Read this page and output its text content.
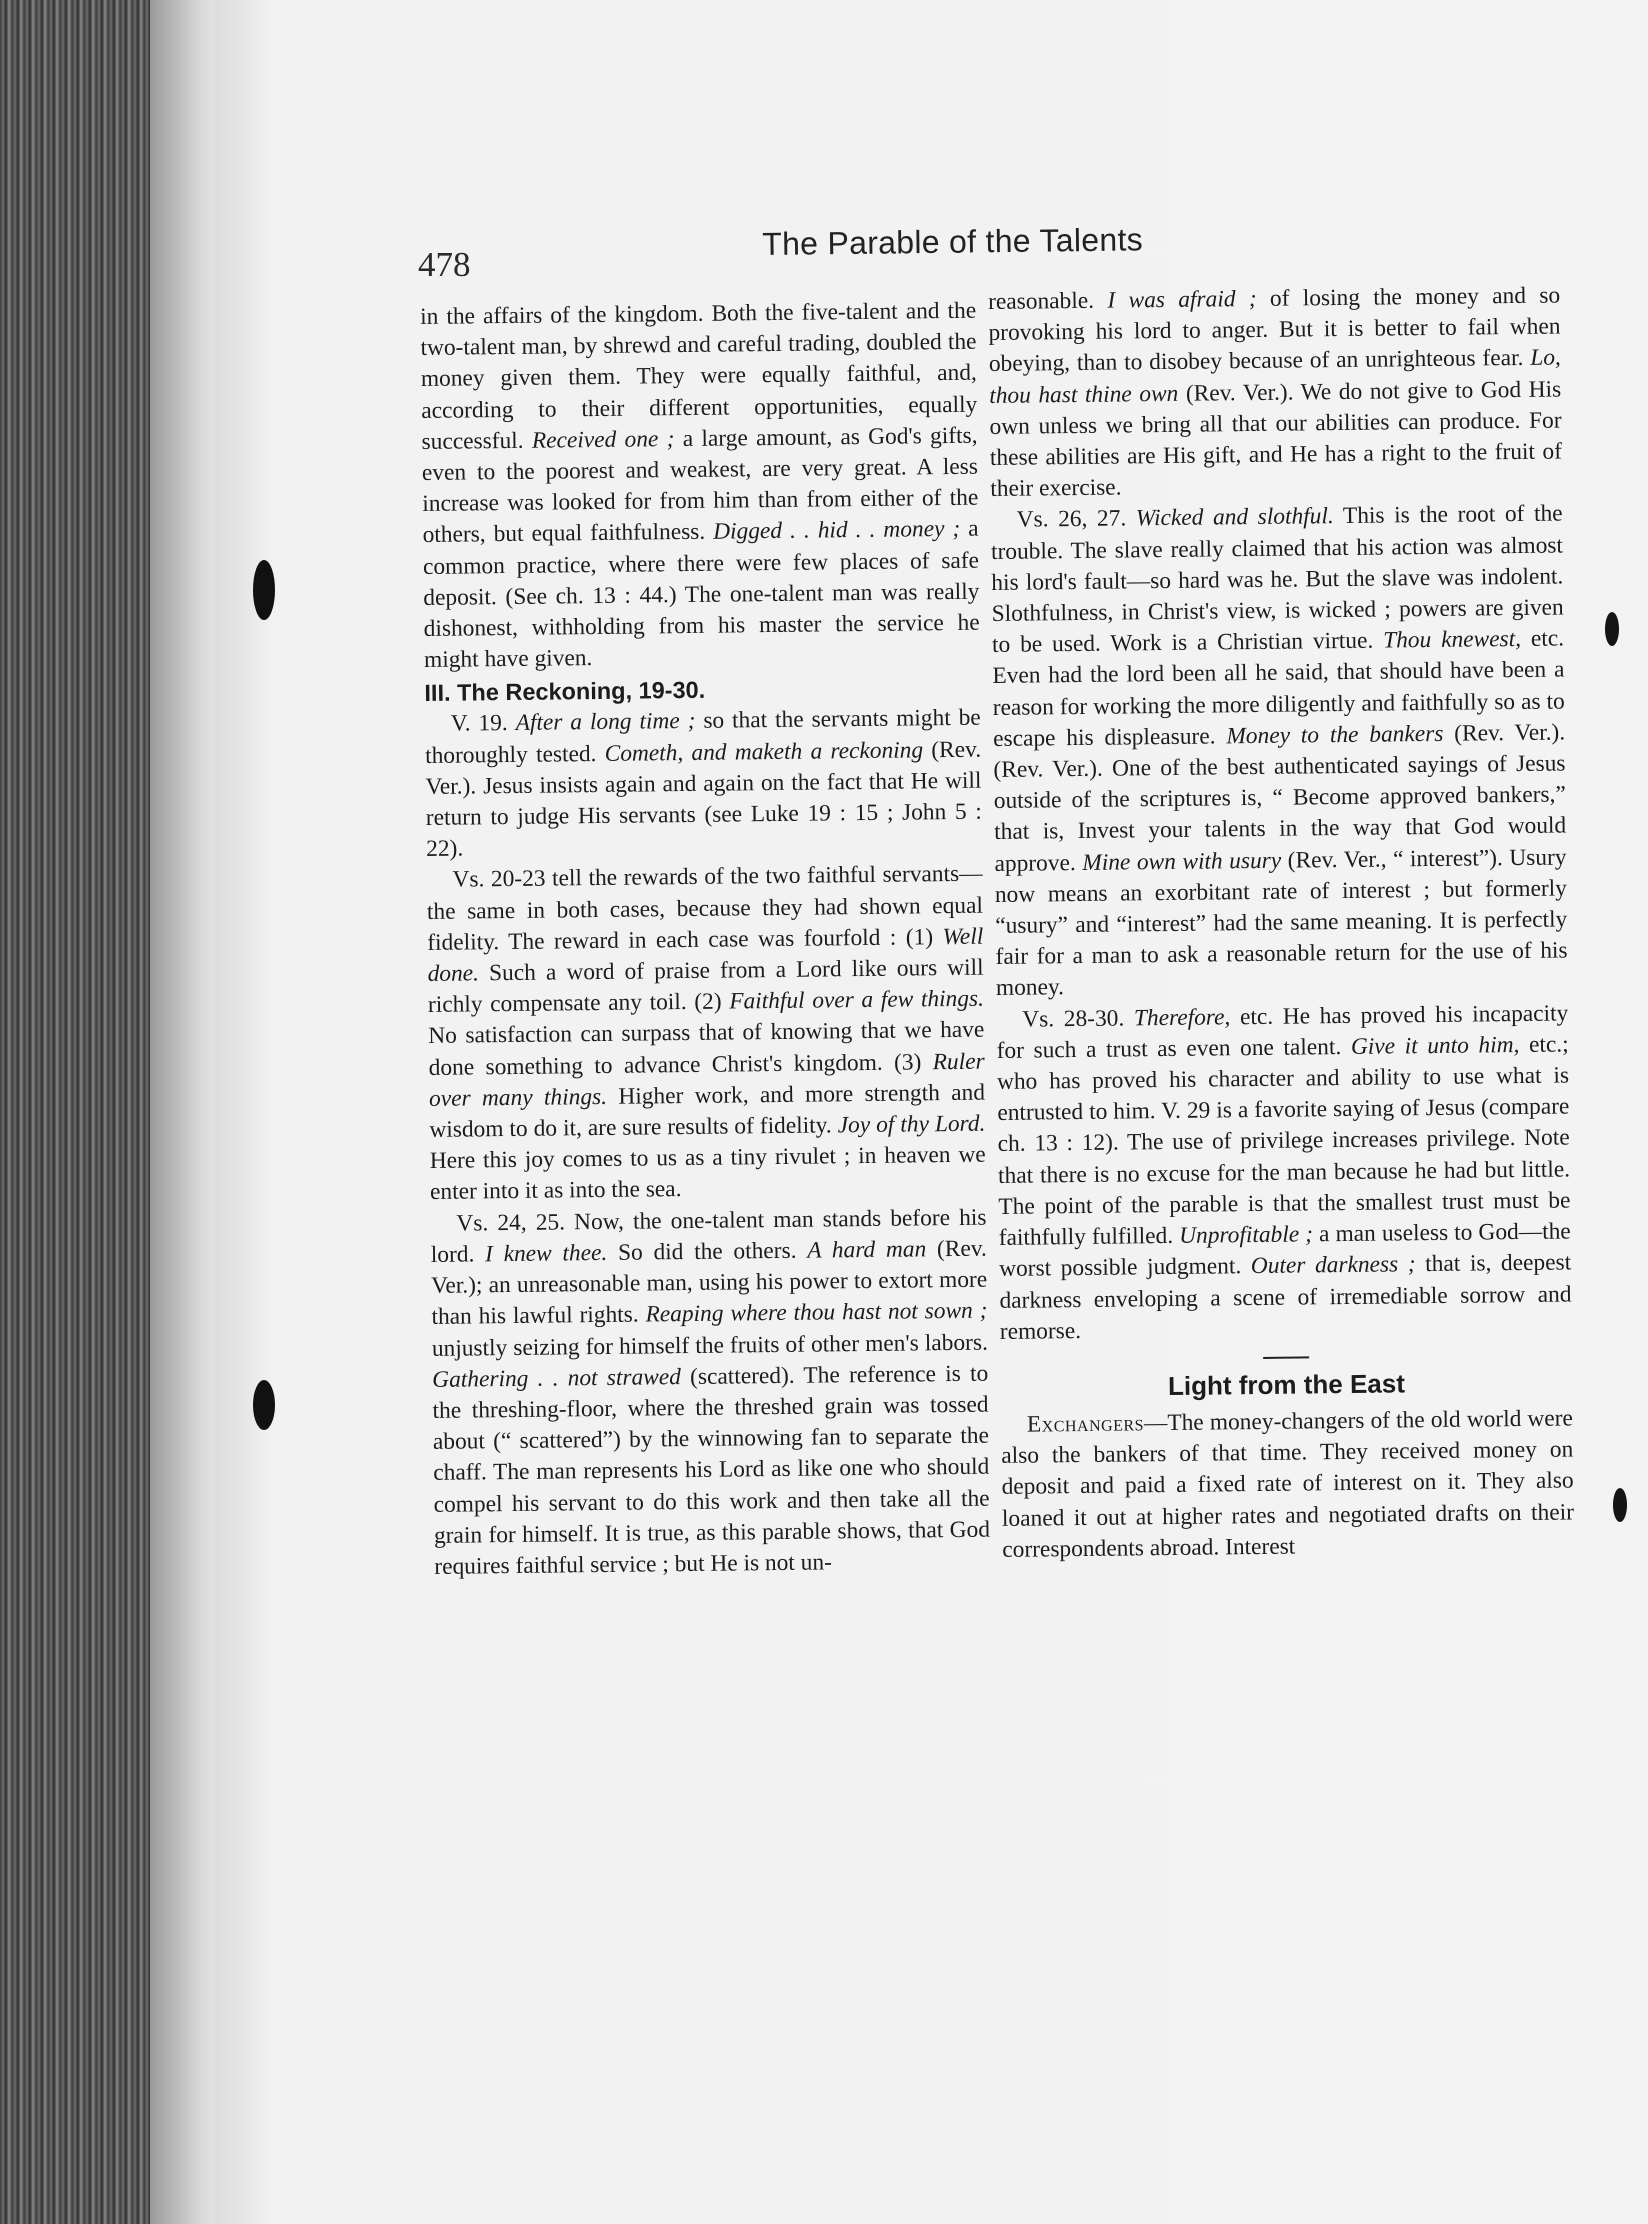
478
The Parable of the Talents

in the affairs of the kingdom. Both the five-talent and the two-talent man, by shrewd and careful trading, doubled the money given them. They were equally faithful, and, according to their different opportunities, equally successful. Received one ; a large amount, as God's gifts, even to the poorest and weakest, are very great. A less increase was looked for from him than from either of the others, but equal faithfulness. Digged . . hid . . money ; a common practice, where there were few places of safe deposit. (See ch. 13 : 44.) The one-talent man was really dishonest, withholding from his master the service he might have given.

III. The Reckoning, 19-30.

V. 19. After a long time ; so that the servants might be thoroughly tested. Cometh, and maketh a reckoning (Rev. Ver.). Jesus insists again and again on the fact that He will return to judge His servants (see Luke 19 : 15 ; John 5 : 22).

Vs. 20-23 tell the rewards of the two faithful servants—the same in both cases, because they had shown equal fidelity. The reward in each case was fourfold : (1) Well done. Such a word of praise from a Lord like ours will richly compensate any toil. (2) Faithful over a few things. No satisfaction can surpass that of knowing that we have done something to advance Christ's kingdom. (3) Ruler over many things. Higher work, and more strength and wisdom to do it, are sure results of fidelity. Joy of thy Lord. Here this joy comes to us as a tiny rivulet ; in heaven we enter into it as into the sea.

Vs. 24, 25. Now, the one-talent man stands before his lord. I knew thee. So did the others. A hard man (Rev. Ver.); an unreasonable man, using his power to extort more than his lawful rights. Reaping where thou hast not sown ; unjustly seizing for himself the fruits of other men's labors. Gathering . . not strawed (scattered). The reference is to the threshing-floor, where the threshed grain was tossed about (“ scattered”) by the winnowing fan to separate the chaff. The man represents his Lord as like one who should compel his servant to do this work and then take all the grain for himself. It is true, as this parable shows, that God requires faithful service ; but He is not un-

reasonable. I was afraid ; of losing the money and so provoking his lord to anger. But it is better to fail when obeying, than to disobey because of an unrighteous fear. Lo, thou hast thine own (Rev. Ver.). We do not give to God His own unless we bring all that our abilities can produce. For these abilities are His gift, and He has a right to the fruit of their exercise.

Vs. 26, 27. Wicked and slothful. This is the root of the trouble. The slave really claimed that his action was almost his lord's fault—so hard was he. But the slave was indolent. Slothfulness, in Christ's view, is wicked ; powers are given to be used. Work is a Christian virtue. Thou knewest, etc. Even had the lord been all he said, that should have been a reason for working the more diligently and faithfully so as to escape his displeasure. Money to the bankers (Rev. Ver.). (Rev. Ver.). One of the best authenticated sayings of Jesus outside of the scriptures is, “ Become approved bankers,” that is, Invest your talents in the way that God would approve. Mine own with usury (Rev. Ver., “ interest”). Usury now means an exorbitant rate of interest ; but formerly “usury” and “interest” had the same meaning. It is perfectly fair for a man to ask a reasonable return for the use of his money.

Vs. 28-30. Therefore, etc. He has proved his incapacity for such a trust as even one talent. Give it unto him, etc.; who has proved his character and ability to use what is entrusted to him. V. 29 is a favorite saying of Jesus (compare ch. 13 : 12). The use of privilege increases privilege. Note that there is no excuse for the man because he had but little. The point of the parable is that the smallest trust must be faithfully fulfilled. Unprofitable ; a man useless to God—the worst possible judgment. Outer darkness ; that is, deepest darkness enveloping a scene of irremediable sorrow and remorse.

Light from the East

Exchangers—The money-changers of the old world were also the bankers of that time. They received money on deposit and paid a fixed rate of interest on it. They also loaned it out at higher rates and negotiated drafts on their correspondents abroad. Interest
